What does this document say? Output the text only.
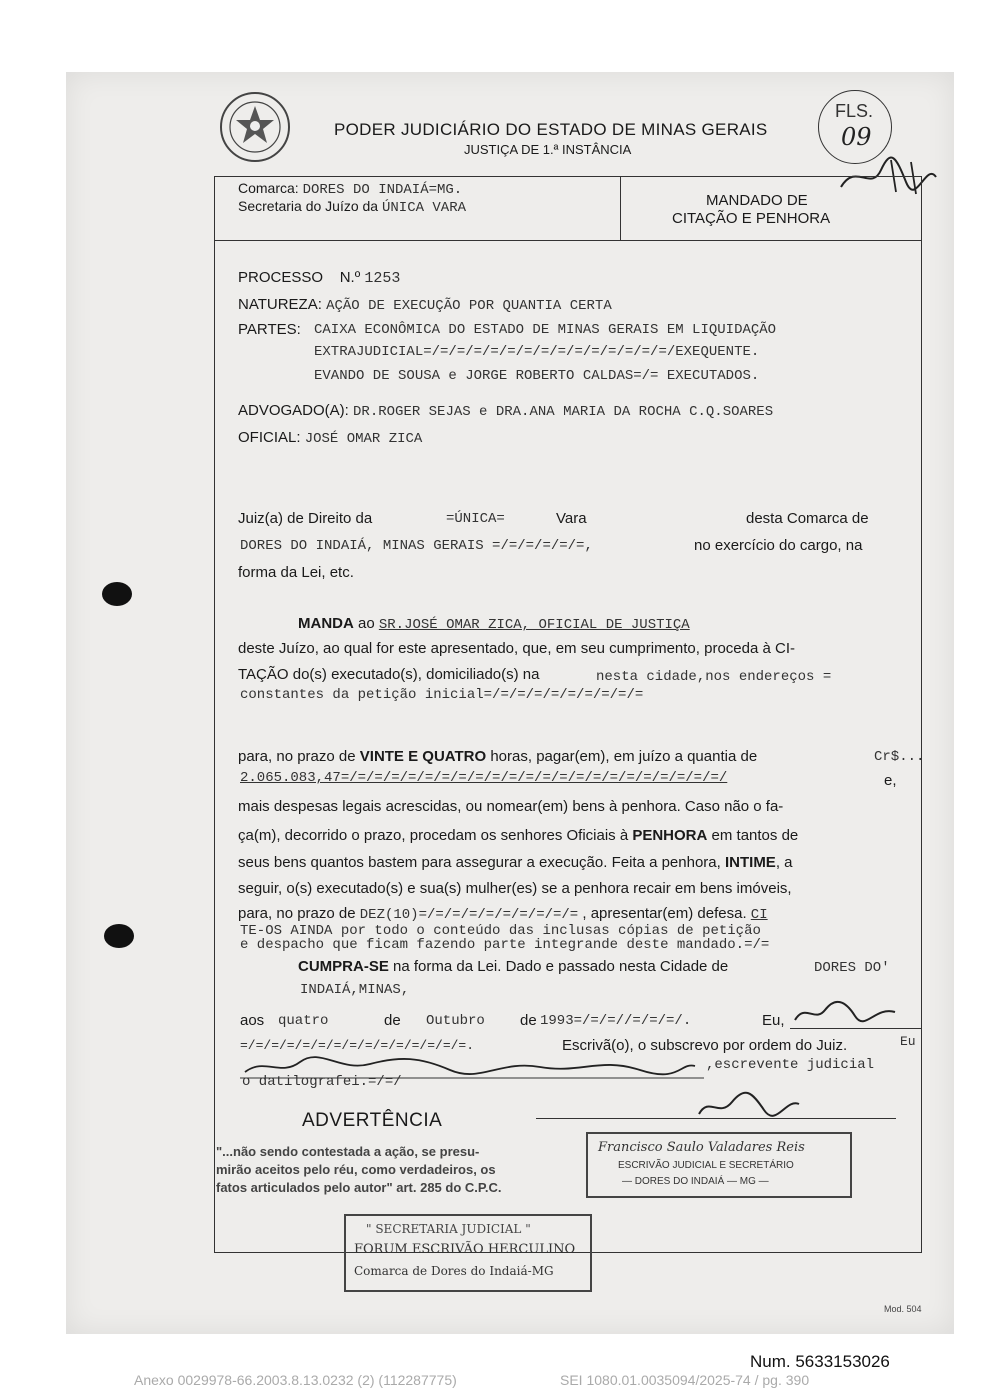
PODER JUDICIÁRIO DO ESTADO DE MINAS GERAIS
JUSTIÇA DE 1.ª INSTÂNCIA
FLS.
09
Comarca: DORES DO INDAIÁ=MG.
Secretaria do Juízo da ÚNICA VARA	MANDADO DE
CITAÇÃO E PENHORA
PROCESSO N.º 1253
NATUREZA: AÇÃO DE EXECUÇÃO POR QUANTIA CERTA
PARTES: CAIXA ECONÔMICA DO ESTADO DE MINAS GERAIS EM LIQUIDAÇÃO
EXTRAJUDICIAL=/=/=/=/=/=/=/=/=/=/=/=/=/=/=/EXEQUENTE.
EVANDO DE SOUSA e JORGE ROBERTO CALDAS=/= EXECUTADOS.
ADVOGADO(A): DR.ROGER SEJAS e DRA.ANA MARIA DA ROCHA C.Q.SOARES
OFICIAL: JOSÉ OMAR ZICA
Juiz(a) de Direito da	=ÚNICA=	Vara	desta Comarca de
DORES DO INDAIÁ, MINAS GERAIS =/=/=/=/=/=,	no exercício do cargo, na
forma da Lei, etc.
MANDA ao SR.JOSÉ OMAR ZICA, OFICIAL DE JUSTIÇA
deste Juízo, ao qual for este apresentado, que, em seu cumprimento, proceda à CI-
TAÇÃO do(s) executado(s), domiciliado(s) na	nesta cidade,nos endereços =
constantes da petição inicial=/=/=/=/=/=/=/=/=/=
para, no prazo de VINTE E QUATRO horas, pagar(em), em juízo a quantia de	Cr$...
2.065.083,47=/=/=/=/=/=/=/=/=/=/=/=/=/=/=/=/=/=/=/=/=/=/=/	e,
mais despesas legais acrescidas, ou nomear(em) bens à penhora. Caso não o fa-
ça(m), decorrido o prazo, procedam os senhores Oficiais à PENHORA em tantos de
seus bens quantos bastem para assegurar a execução. Feita a penhora, INTIME, a
seguir, o(s) executado(s) e sua(s) mulher(es) se a penhora recair em bens imóveis,
para, no prazo de DEZ(10)=/=/=/=/=/=/=/=/=/= , apresentar(em) defesa. CI
TE-OS AINDA por todo o conteúdo das inclusas cópias de petição
e despacho que ficam fazendo parte integrande deste mandado.=/=
CUMPRA-SE na forma da Lei. Dado e passado nesta Cidade de	DORES DO'
INDAIÁ,MINAS,
aos quatro	de Outubro de 1993=/=/=//=/=/=/.	Eu,
=/=/=/=/=/=/=/=/=/=/=/=/=/=/=.	Escrivã(o), o subscrevo por ordem do Juiz.	Eu
,escrevente judicial
o datilografei.=/=/
ADVERTÊNCIA
"...não sendo contestada a ação, se presu-
mirão aceitos pelo réu, como verdadeiros, os
fatos articulados pelo autor" art. 285 do C.P.C.
Francisco Saulo Valadares Reis
ESCRIVÃO JUDICIAL E SECRETÁRIO
— DORES DO INDAIÁ — MG —
" SECRETARIA JUDICIAL "
FORUM ESCRIVÃO HERCULINO
Comarca de Dores do Indaiá-MG
Mod. 504
Num. 5633153026
Anexo 0029978-66.2003.8.13.0232 (2) (112287775)	SEI 1080.01.0035094/2025-74 / pg. 390
